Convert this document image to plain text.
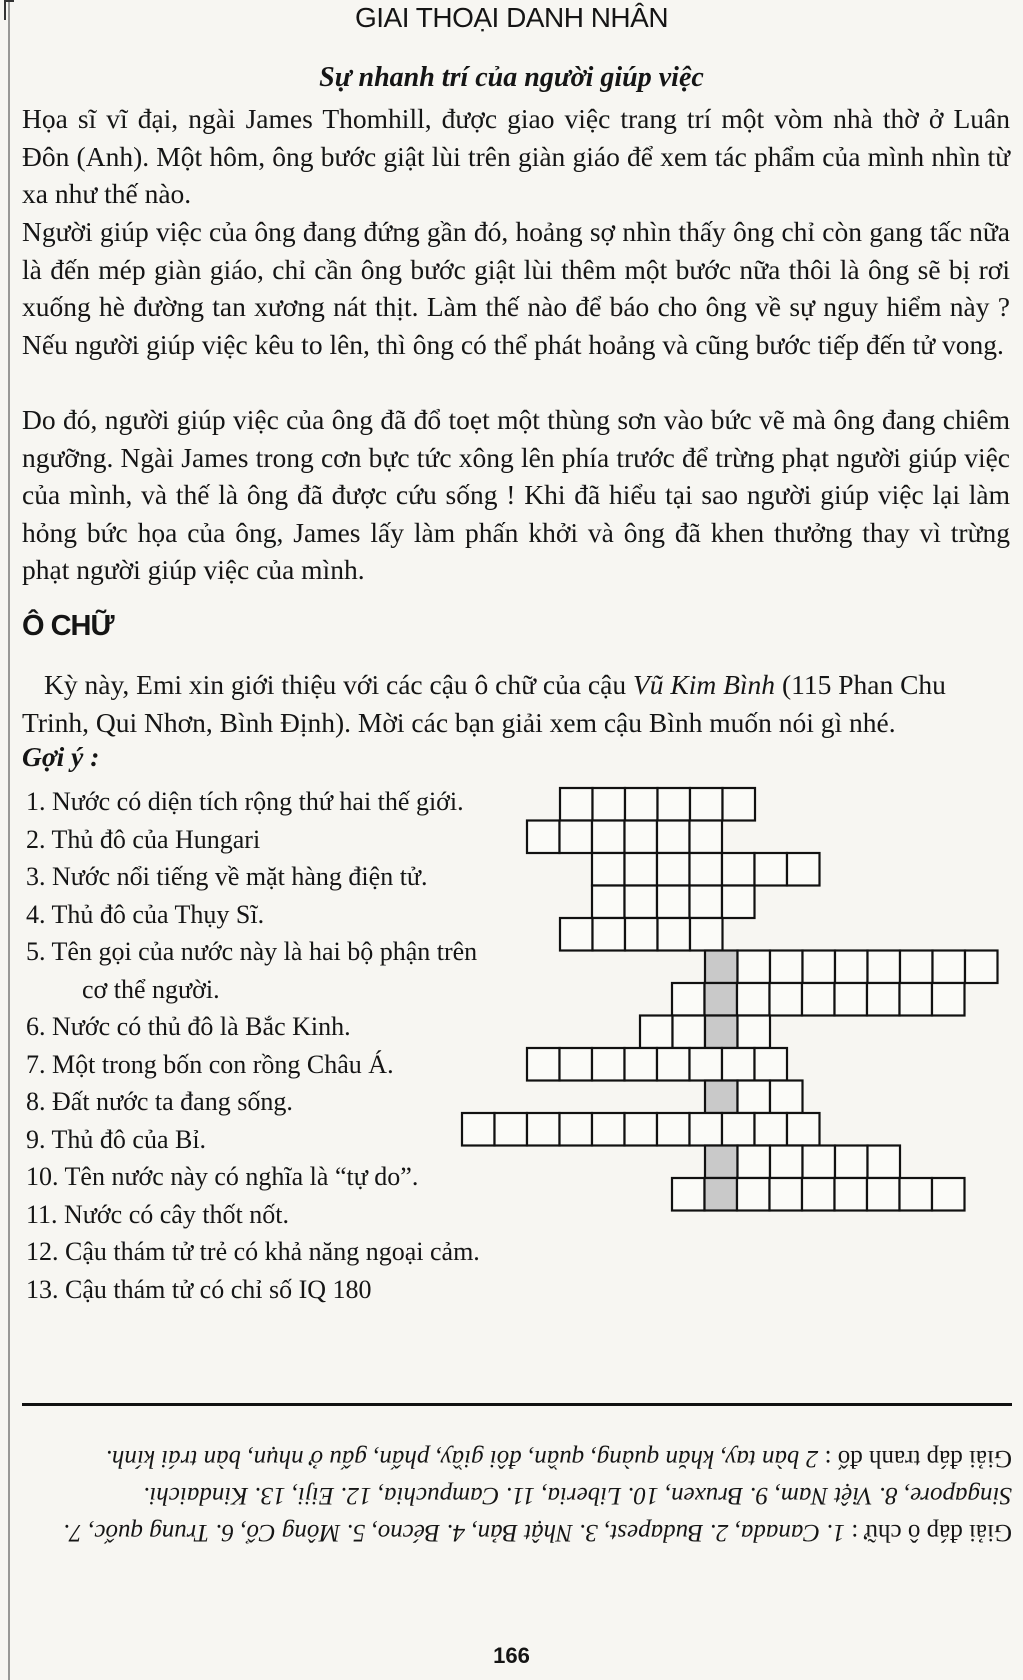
GIAI THOẠI DANH NHÂN
Sự nhanh trí của người giúp việc

Họa sĩ vĩ đại, ngài James Thomhill, được giao việc trang trí một vòm nhà thờ ở Luân Đôn (Anh). Một hôm, ông bước giật lùi trên giàn giáo để xem tác phẩm của mình nhìn từ xa như thế nào.

Người giúp việc của ông đang đứng gần đó, hoảng sợ nhìn thấy ông chỉ còn gang tấc nữa là đến mép giàn giáo, chỉ cần ông bước giật lùi thêm một bước nữa thôi là ông sẽ bị rơi xuống hè đường tan xương nát thịt. Làm thế nào để báo cho ông về sự nguy hiểm này ? Nếu người giúp việc kêu to lên, thì ông có thể phát hoảng và cũng bước tiếp đến tử vong.

Do đó, người giúp việc của ông đã đổ toẹt một thùng sơn vào bức vẽ mà ông đang chiêm ngưỡng. Ngài James trong cơn bực tức xông lên phía trước để trừng phạt người giúp việc của mình, và thế là ông đã được cứu sống ! Khi đã hiểu tại sao người giúp việc lại làm hỏng bức họa của ông, James lấy làm phấn khởi và ông đã khen thưởng thay vì trừng phạt người giúp việc của mình.

Ô CHỮ

Kỳ này, Emi xin giới thiệu với các cậu ô chữ của cậu Vũ Kim Bình (115 Phan Chu Trinh, Qui Nhơn, Bình Định). Mời các bạn giải xem cậu Bình muốn nói gì nhé.

Gợi ý :
1. Nước có diện tích rộng thứ hai thế giới.
2. Thủ đô của Hungari
3. Nước nổi tiếng về mặt hàng điện tử.
4. Thủ đô của Thụy Sĩ.
5. Tên gọi của nước này là hai bộ phận trên
cơ thể người.
6. Nước có thủ đô là Bắc Kinh.
7. Một trong bốn con rồng Châu Á.
8. Đất nước ta đang sống.
9. Thủ đô của Bỉ.
10. Tên nước này có nghĩa là “tự do”.
11. Nước có cây thốt nốt.
12. Cậu thám tử trẻ có khả năng ngoại cảm.
13. Cậu thám tử có chỉ số IQ 180
Giải đáp ô chữ : 1. Canada, 2. Budapest, 3. Nhật Bản, 4. Bécno, 5. Mông Cổ, 6. Trung quốc, 7. Singapore, 8. Việt Nam, 9. Bruxen, 10. Liberia, 11. Campuchia, 12. Eiji, 13. Kindaichi.
Giải đáp tranh đố : 2 bàn tay, khăn quàng, quần, đôi giầy, phấn, gấu ở nhụn, bàn trái kính.
166
